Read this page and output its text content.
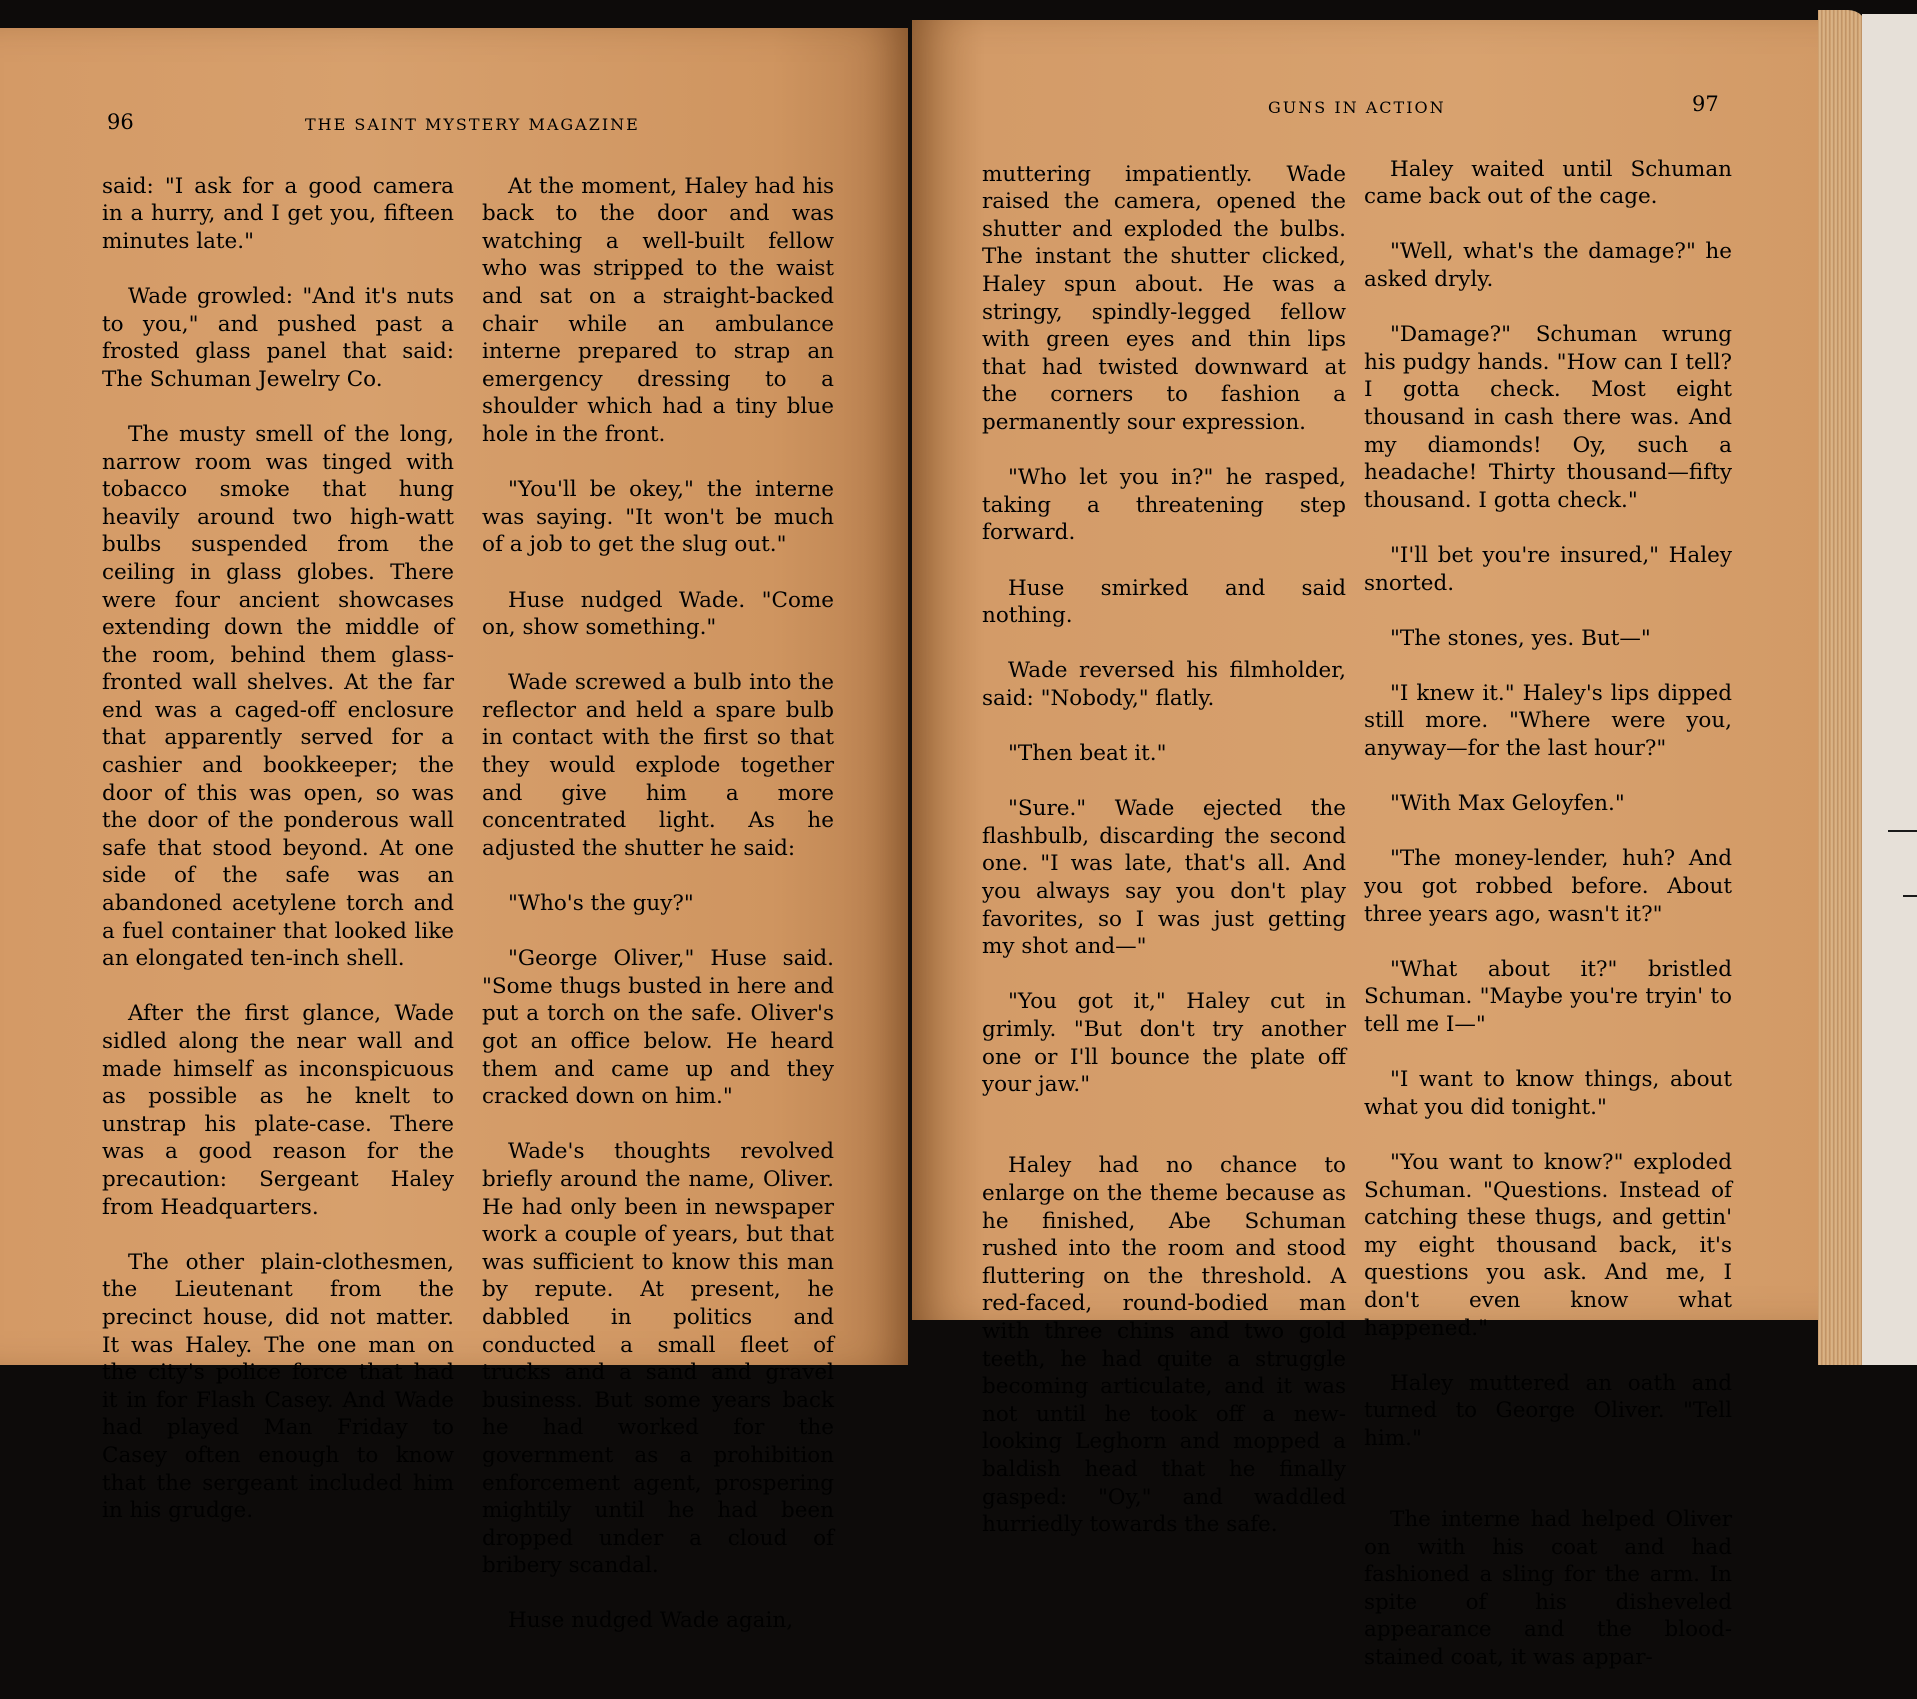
96	THE SAINT MYSTERY MAGAZINE
GUNS IN ACTION	97

said: "I ask for a good camera in a hurry, and I get you, fifteen minutes late."

Wade growled: "And it's nuts to you," and pushed past a frosted glass panel that said: The Schuman Jewelry Co.

The musty smell of the long, narrow room was tinged with tobacco smoke that hung heavily around two high-watt bulbs suspended from the ceiling in glass globes. There were four ancient showcases extending down the middle of the room, behind them glass-fronted wall shelves. At the far end was a caged-off enclosure that apparently served for a cashier and bookkeeper; the door of this was open, so was the door of the ponderous wall safe that stood beyond. At one side of the safe was an abandoned acetylene torch and a fuel container that looked like an elongated ten-inch shell.

After the first glance, Wade sidled along the near wall and made himself as inconspicuous as possible as he knelt to unstrap his plate-case. There was a good reason for the precaution: Sergeant Haley from Headquarters.

The other plain-clothesmen, the Lieutenant from the precinct house, did not matter. It was Haley. The one man on the city's police force that had it in for Flash Casey. And Wade had played Man Friday to Casey often enough to know that the sergeant included him in his grudge.

At the moment, Haley had his back to the door and was watching a well-built fellow who was stripped to the waist and sat on a straight-backed chair while an ambulance interne prepared to strap an emergency dressing to a shoulder which had a tiny blue hole in the front.

"You'll be okey," the interne was saying. "It won't be much of a job to get the slug out."

Huse nudged Wade. "Come on, show something."

Wade screwed a bulb into the reflector and held a spare bulb in contact with the first so that they would explode together and give him a more concentrated light. As he adjusted the shutter he said:

"Who's the guy?"

"George Oliver," Huse said. "Some thugs busted in here and put a torch on the safe. Oliver's got an office below. He heard them and came up and they cracked down on him."

Wade's thoughts revolved briefly around the name, Oliver. He had only been in newspaper work a couple of years, but that was sufficient to know this man by repute. At present, he dabbled in politics and conducted a small fleet of trucks and a sand and gravel business. But some years back he had worked for the government as a prohibition enforcement agent, prospering mightily until he had been dropped under a cloud of bribery scandal.

Huse nudged Wade again,

muttering impatiently. Wade raised the camera, opened the shutter and exploded the bulbs. The instant the shutter clicked, Haley spun about. He was a stringy, spindly-legged fellow with green eyes and thin lips that had twisted downward at the corners to fashion a permanently sour expression.

"Who let you in?" he rasped, taking a threatening step forward.

Huse smirked and said nothing.

Wade reversed his filmholder, said: "Nobody," flatly.

"Then beat it."

"Sure." Wade ejected the flashbulb, discarding the second one. "I was late, that's all. And you always say you don't play favorites, so I was just getting my shot and—"

"You got it," Haley cut in grimly. "But don't try another one or I'll bounce the plate off your jaw."

Haley had no chance to enlarge on the theme because as he finished, Abe Schuman rushed into the room and stood fluttering on the threshold. A red-faced, round-bodied man with three chins and two gold teeth, he had quite a struggle becoming articulate, and it was not until he took off a new-looking Leghorn and mopped a baldish head that he finally gasped: "Oy," and waddled hurriedly towards the safe.

Haley waited until Schuman came back out of the cage.

"Well, what's the damage?" he asked dryly.

"Damage?" Schuman wrung his pudgy hands. "How can I tell? I gotta check. Most eight thousand in cash there was. And my diamonds! Oy, such a headache! Thirty thousand—fifty thousand. I gotta check."

"I'll bet you're insured," Haley snorted.

"The stones, yes. But—"

"I knew it." Haley's lips dipped still more. "Where were you, anyway—for the last hour?"

"With Max Geloyfen."

"The money-lender, huh? And you got robbed before. About three years ago, wasn't it?"

"What about it?" bristled Schuman. "Maybe you're tryin' to tell me I—"

"I want to know things, about what you did tonight."

"You want to know?" exploded Schuman. "Questions. Instead of catching these thugs, and gettin' my eight thousand back, it's questions you ask. And me, I don't even know what happened."

Haley muttered an oath and turned to George Oliver. "Tell him."

The interne had helped Oliver on with his coat and had fashioned a sling for the arm. In spite of his disheveled appearance and the blood-stained coat, it was appar-
